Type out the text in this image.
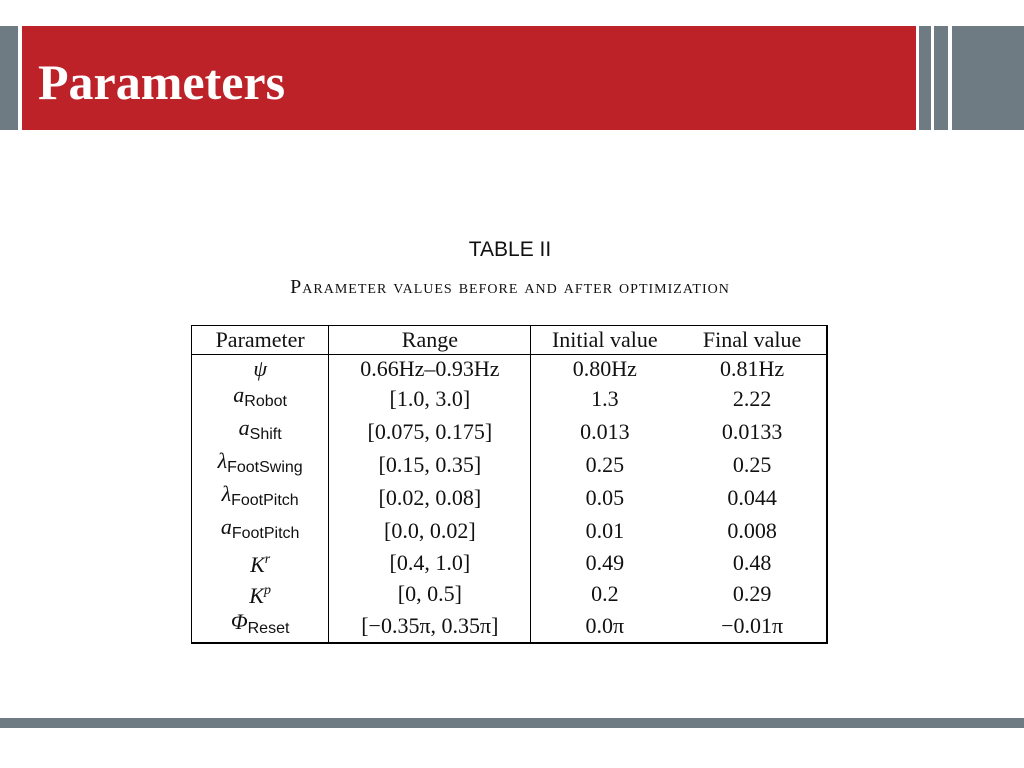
Parameters
TABLE II
Parameter values before and after optimization
Parameter	Range	Initial value	Final value
ψ	0.66Hz–0.93Hz	0.80Hz	0.81Hz
$a_{Robot}$	[1.0, 3.0]	1.3	2.22
$a_{Shift}$	[0.075, 0.175]	0.013	0.0133
$\lambda_{FootSwing}$	[0.15, 0.35]	0.25	0.25
$\lambda_{FootPitch}$	[0.02, 0.08]	0.05	0.044
$a_{FootPitch}$	[0.0, 0.02]	0.01	0.008
$K^r$	[0.4, 1.0]	0.49	0.48
$K^p$	[0, 0.5]	0.2	0.29
$\Phi_{Reset}$	[−0.35π, 0.35π]	0.0π	−0.01π
